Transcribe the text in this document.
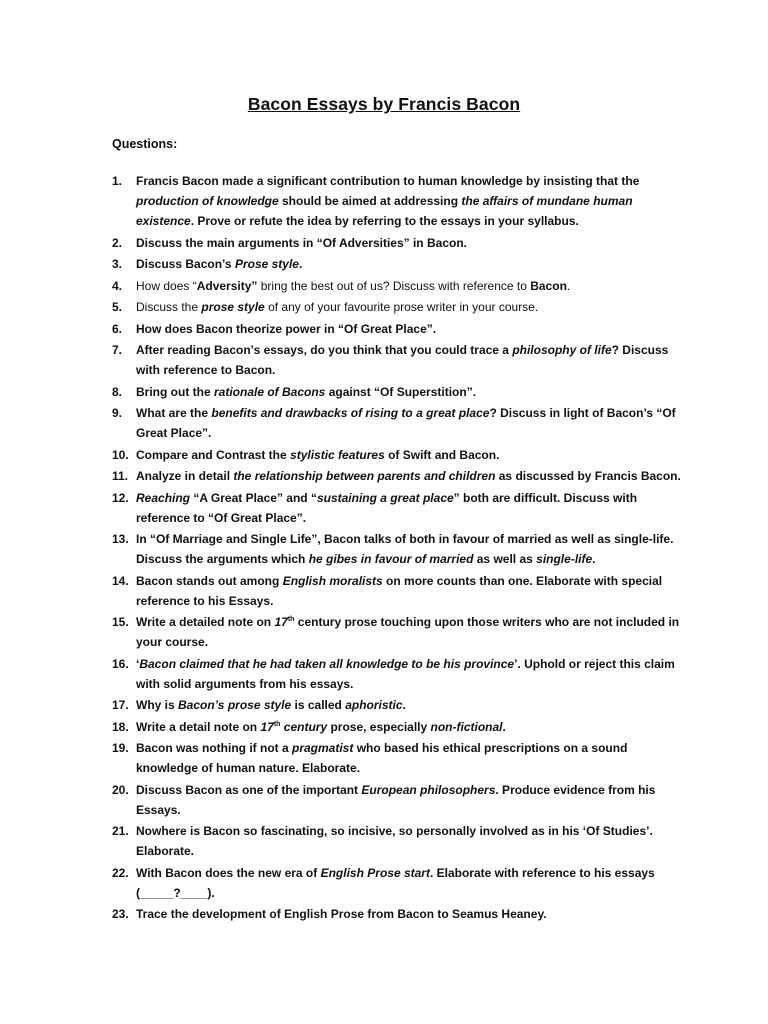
Bacon Essays by Francis Bacon
Questions:
1.	Francis Bacon made a significant contribution to human knowledge by insisting that the production of knowledge should be aimed at addressing the affairs of mundane human existence. Prove or refute the idea by referring to the essays in your syllabus.
2.	Discuss the main arguments in “Of Adversities” in Bacon.
3.	Discuss Bacon’s Prose style.
4.	How does “Adversity” bring the best out of us? Discuss with reference to Bacon.
5.	Discuss the prose style of any of your favourite prose writer in your course.
6.	How does Bacon theorize power in “Of Great Place”.
7.	After reading Bacon’s essays, do you think that you could trace a philosophy of life? Discuss with reference to Bacon.
8.	Bring out the rationale of Bacons against “Of Superstition”.
9.	What are the benefits and drawbacks of rising to a great place? Discuss in light of Bacon’s “Of Great Place”.
10. Compare and Contrast the stylistic features of Swift and Bacon.
11. Analyze in detail the relationship between parents and children as discussed by Francis Bacon.
12. Reaching “A Great Place” and “sustaining a great place” both are difficult. Discuss with reference to “Of Great Place”.
13. In “Of Marriage and Single Life”, Bacon talks of both in favour of married as well as single-life. Discuss the arguments which he gibes in favour of married as well as single-life.
14. Bacon stands out among English moralists on more counts than one. Elaborate with special reference to his Essays.
15. Write a detailed note on 17th century prose touching upon those writers who are not included in your course.
16. ‘Bacon claimed that he had taken all knowledge to be his province’. Uphold or reject this claim with solid arguments from his essays.
17. Why is Bacon’s prose style is called aphoristic.
18. Write a detail note on 17th century prose, especially non-fictional.
19. Bacon was nothing if not a pragmatist who based his ethical prescriptions on a sound knowledge of human nature. Elaborate.
20. Discuss Bacon as one of the important European philosophers. Produce evidence from his Essays.
21. Nowhere is Bacon so fascinating, so incisive, so personally involved as in his ‘Of Studies’. Elaborate.
22. With Bacon does the new era of English Prose start. Elaborate with reference to his essays (_____?____).
23. Trace the development of English Prose from Bacon to Seamus Heaney.
